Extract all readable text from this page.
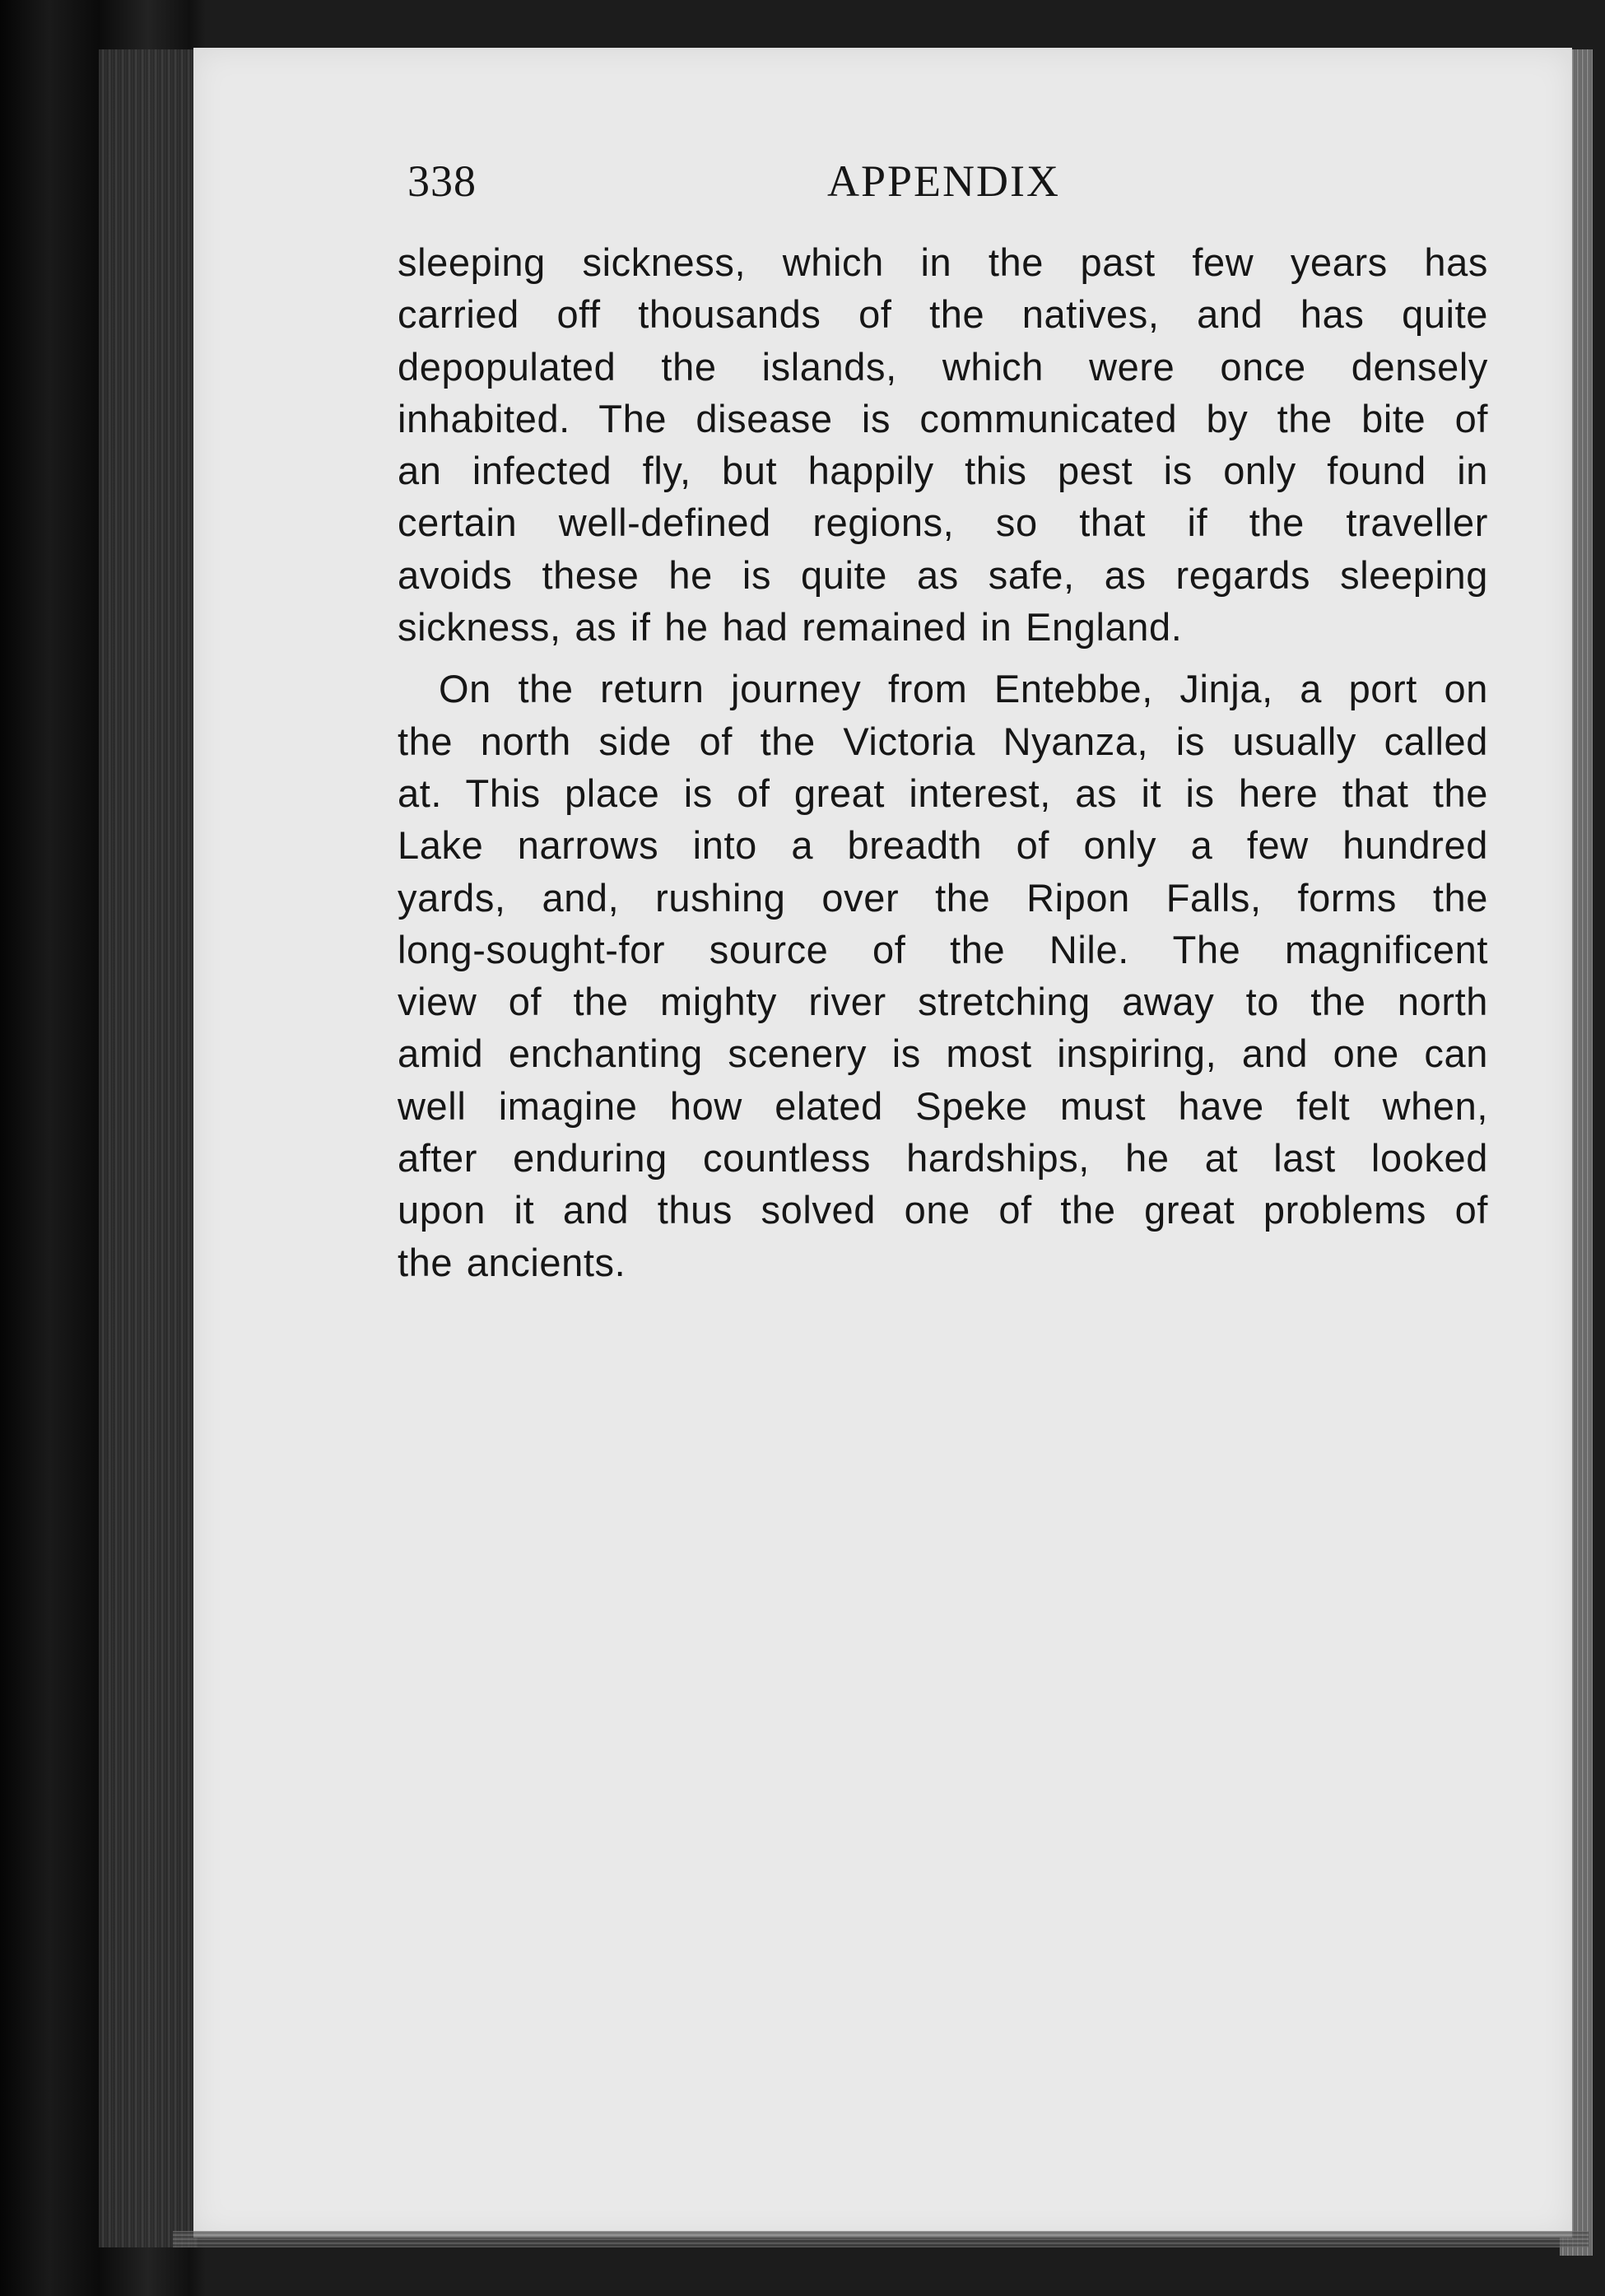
338	APPENDIX
sleeping sickness, which in the past few years has
carried off thousands of the natives, and has quite
depopulated the islands, which were once densely
inhabited. The disease is communicated by the bite of
an infected fly, but happily this pest is only found in
certain well-defined regions, so that if the traveller
avoids these he is quite as safe, as regards sleeping
sickness, as if he had remained in England.
On the return journey from Entebbe, Jinja, a port on
the north side of the Victoria Nyanza, is usually called
at. This place is of great interest, as it is here that the
Lake narrows into a breadth of only a few hundred
yards, and, rushing over the Ripon Falls, forms the
long-sought-for source of the Nile. The magnificent
view of the mighty river stretching away to the north
amid enchanting scenery is most inspiring, and one can
well imagine how elated Speke must have felt when,
after enduring countless hardships, he at last looked
upon it and thus solved one of the great problems of
the ancients.
